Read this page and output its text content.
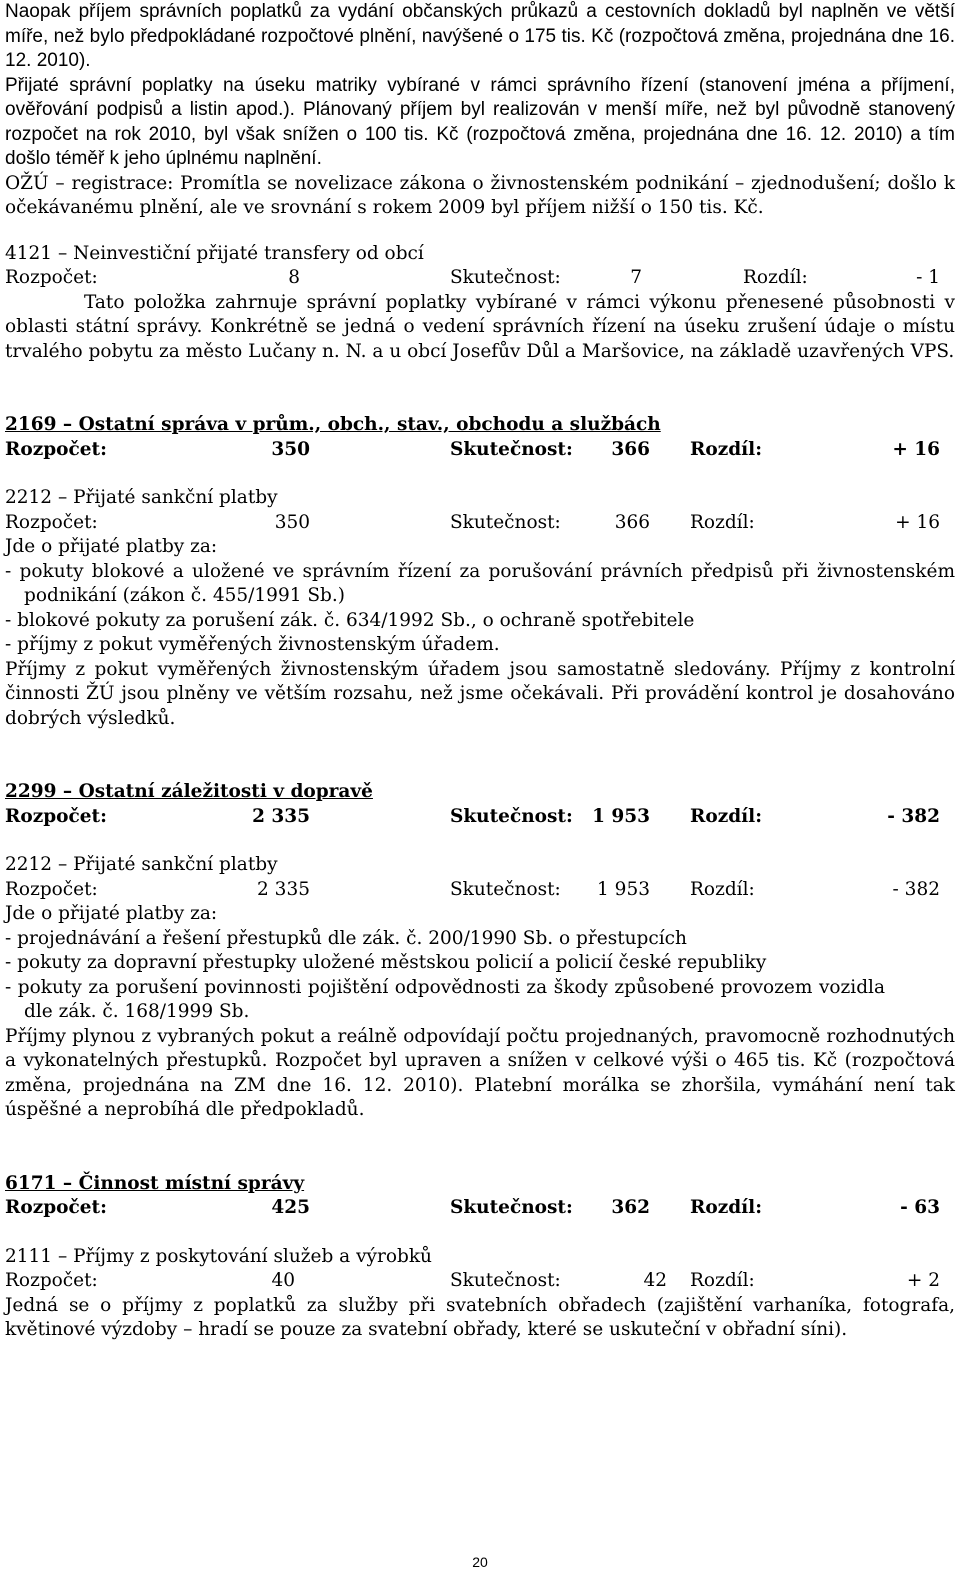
Naopak příjem správních poplatků za vydání občanských průkazů a cestovních dokladů byl naplněn ve větší míře, než bylo předpokládané rozpočtové plnění, navýšené o 175 tis. Kč (rozpočtová změna, projednána dne 16. 12. 2010).

Přijaté správní poplatky na úseku matriky vybírané v rámci správního řízení (stanovení jména a příjmení, ověřování podpisů a listin apod.). Plánovaný příjem byl realizován v menší míře, než byl původně stanovený rozpočet na rok 2010, byl však snížen o 100 tis. Kč (rozpočtová změna, projednána dne 16. 12. 2010) a tím došlo téměř k jeho úplnému naplnění.

OŽÚ – registrace: Promítla se novelizace zákona o živnostenském podnikání – zjednodušení; došlo k očekávanému plnění, ale ve srovnání s rokem 2009 byl příjem nižší o 150 tis. Kč.

4121 – Neinvestiční přijaté transfery od obcí

Rozpočet:	8	Skutečnost:	7	Rozdíl:	- 1

Tato položka zahrnuje správní poplatky vybírané v rámci výkonu přenesené působnosti v oblasti státní správy. Konkrétně se jedná o vedení správních řízení na úseku zrušení údaje o místu trvalého pobytu za město Lučany n. N. a u obcí Josefův Důl a Maršovice, na základě uzavřených VPS.

2169 – Ostatní správa v prům., obch., stav., obchodu a službách

Rozpočet:	350	Skutečnost:	366 Rozdíl:	+ 16

2212 – Přijaté sankční platby

Rozpočet:	350	Skutečnost:	366 Rozdíl:	+ 16

Jde o přijaté platby za:

- pokuty blokové a uložené ve správním řízení za porušování právních předpisů při živnostenském podnikání (zákon č. 455/1991 Sb.)

- blokové pokuty za porušení zák. č. 634/1992 Sb., o ochraně spotřebitele

- příjmy z pokut vyměřených živnostenským úřadem.

Příjmy z pokut vyměřených živnostenským úřadem jsou samostatně sledovány. Příjmy z kontrolní činnosti ŽÚ jsou plněny ve větším rozsahu, než jsme očekávali. Při provádění kontrol je dosahováno dobrých výsledků.

2299 – Ostatní záležitosti v dopravě

Rozpočet:	2 335	Skutečnost:	1 953 Rozdíl:	- 382

2212 – Přijaté sankční platby

Rozpočet:	2 335	Skutečnost:	1 953 Rozdíl:	- 382

Jde o přijaté platby za:

- projednávání a řešení přestupků dle zák. č. 200/1990 Sb. o přestupcích

- pokuty za dopravní přestupky uložené městskou policií a policií české republiky

- pokuty za porušení povinnosti pojištění odpovědnosti za škody způsobené provozem vozidla dle zák. č. 168/1999 Sb.

Příjmy plynou z vybraných pokut a reálně odpovídají počtu projednaných, pravomocně rozhodnutých a vykonatelných přestupků. Rozpočet byl upraven a snížen v celkové výši o 465 tis. Kč (rozpočtová změna, projednána na ZM dne 16. 12. 2010). Platební morálka se zhoršila, vymáhání není tak úspěšné a neprobíhá dle předpokladů.

6171 – Činnost místní správy

Rozpočet:	425	Skutečnost:	362 Rozdíl:	- 63

2111 – Příjmy z poskytování služeb a výrobků

Rozpočet:	40	Skutečnost:	42 Rozdíl:	+ 2

Jedná se o příjmy z poplatků za služby při svatebních obřadech (zajištění varhaníka, fotografa, květinové výzdoby – hradí se pouze za svatební obřady, které se uskuteční v obřadní síni).

20
